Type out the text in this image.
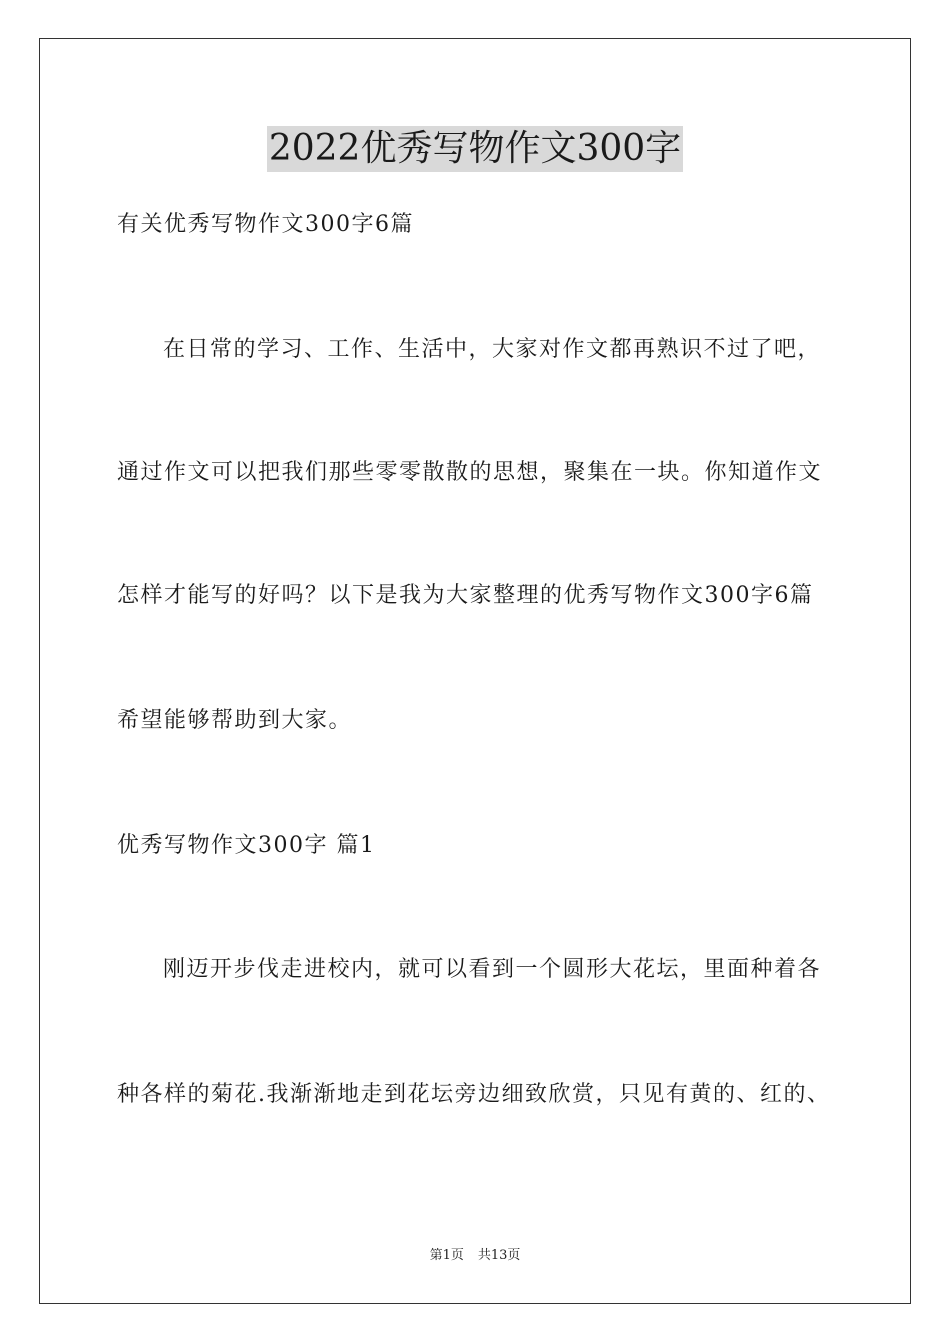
2022优秀写物作文300字
有关优秀写物作文300字6篇
在日常的学习、工作、生活中，大家对作文都再熟识不过了吧，
通过作文可以把我们那些零零散散的思想，聚集在一块。你知道作文
怎样才能写的好吗？以下是我为大家整理的优秀写物作文300字6篇
希望能够帮助到大家。
优秀写物作文300字 篇1
刚迈开步伐走进校内，就可以看到一个圆形大花坛，里面种着各
种各样的菊花.我渐渐地走到花坛旁边细致欣赏，只见有黄的、红的、
第1页 共13页
